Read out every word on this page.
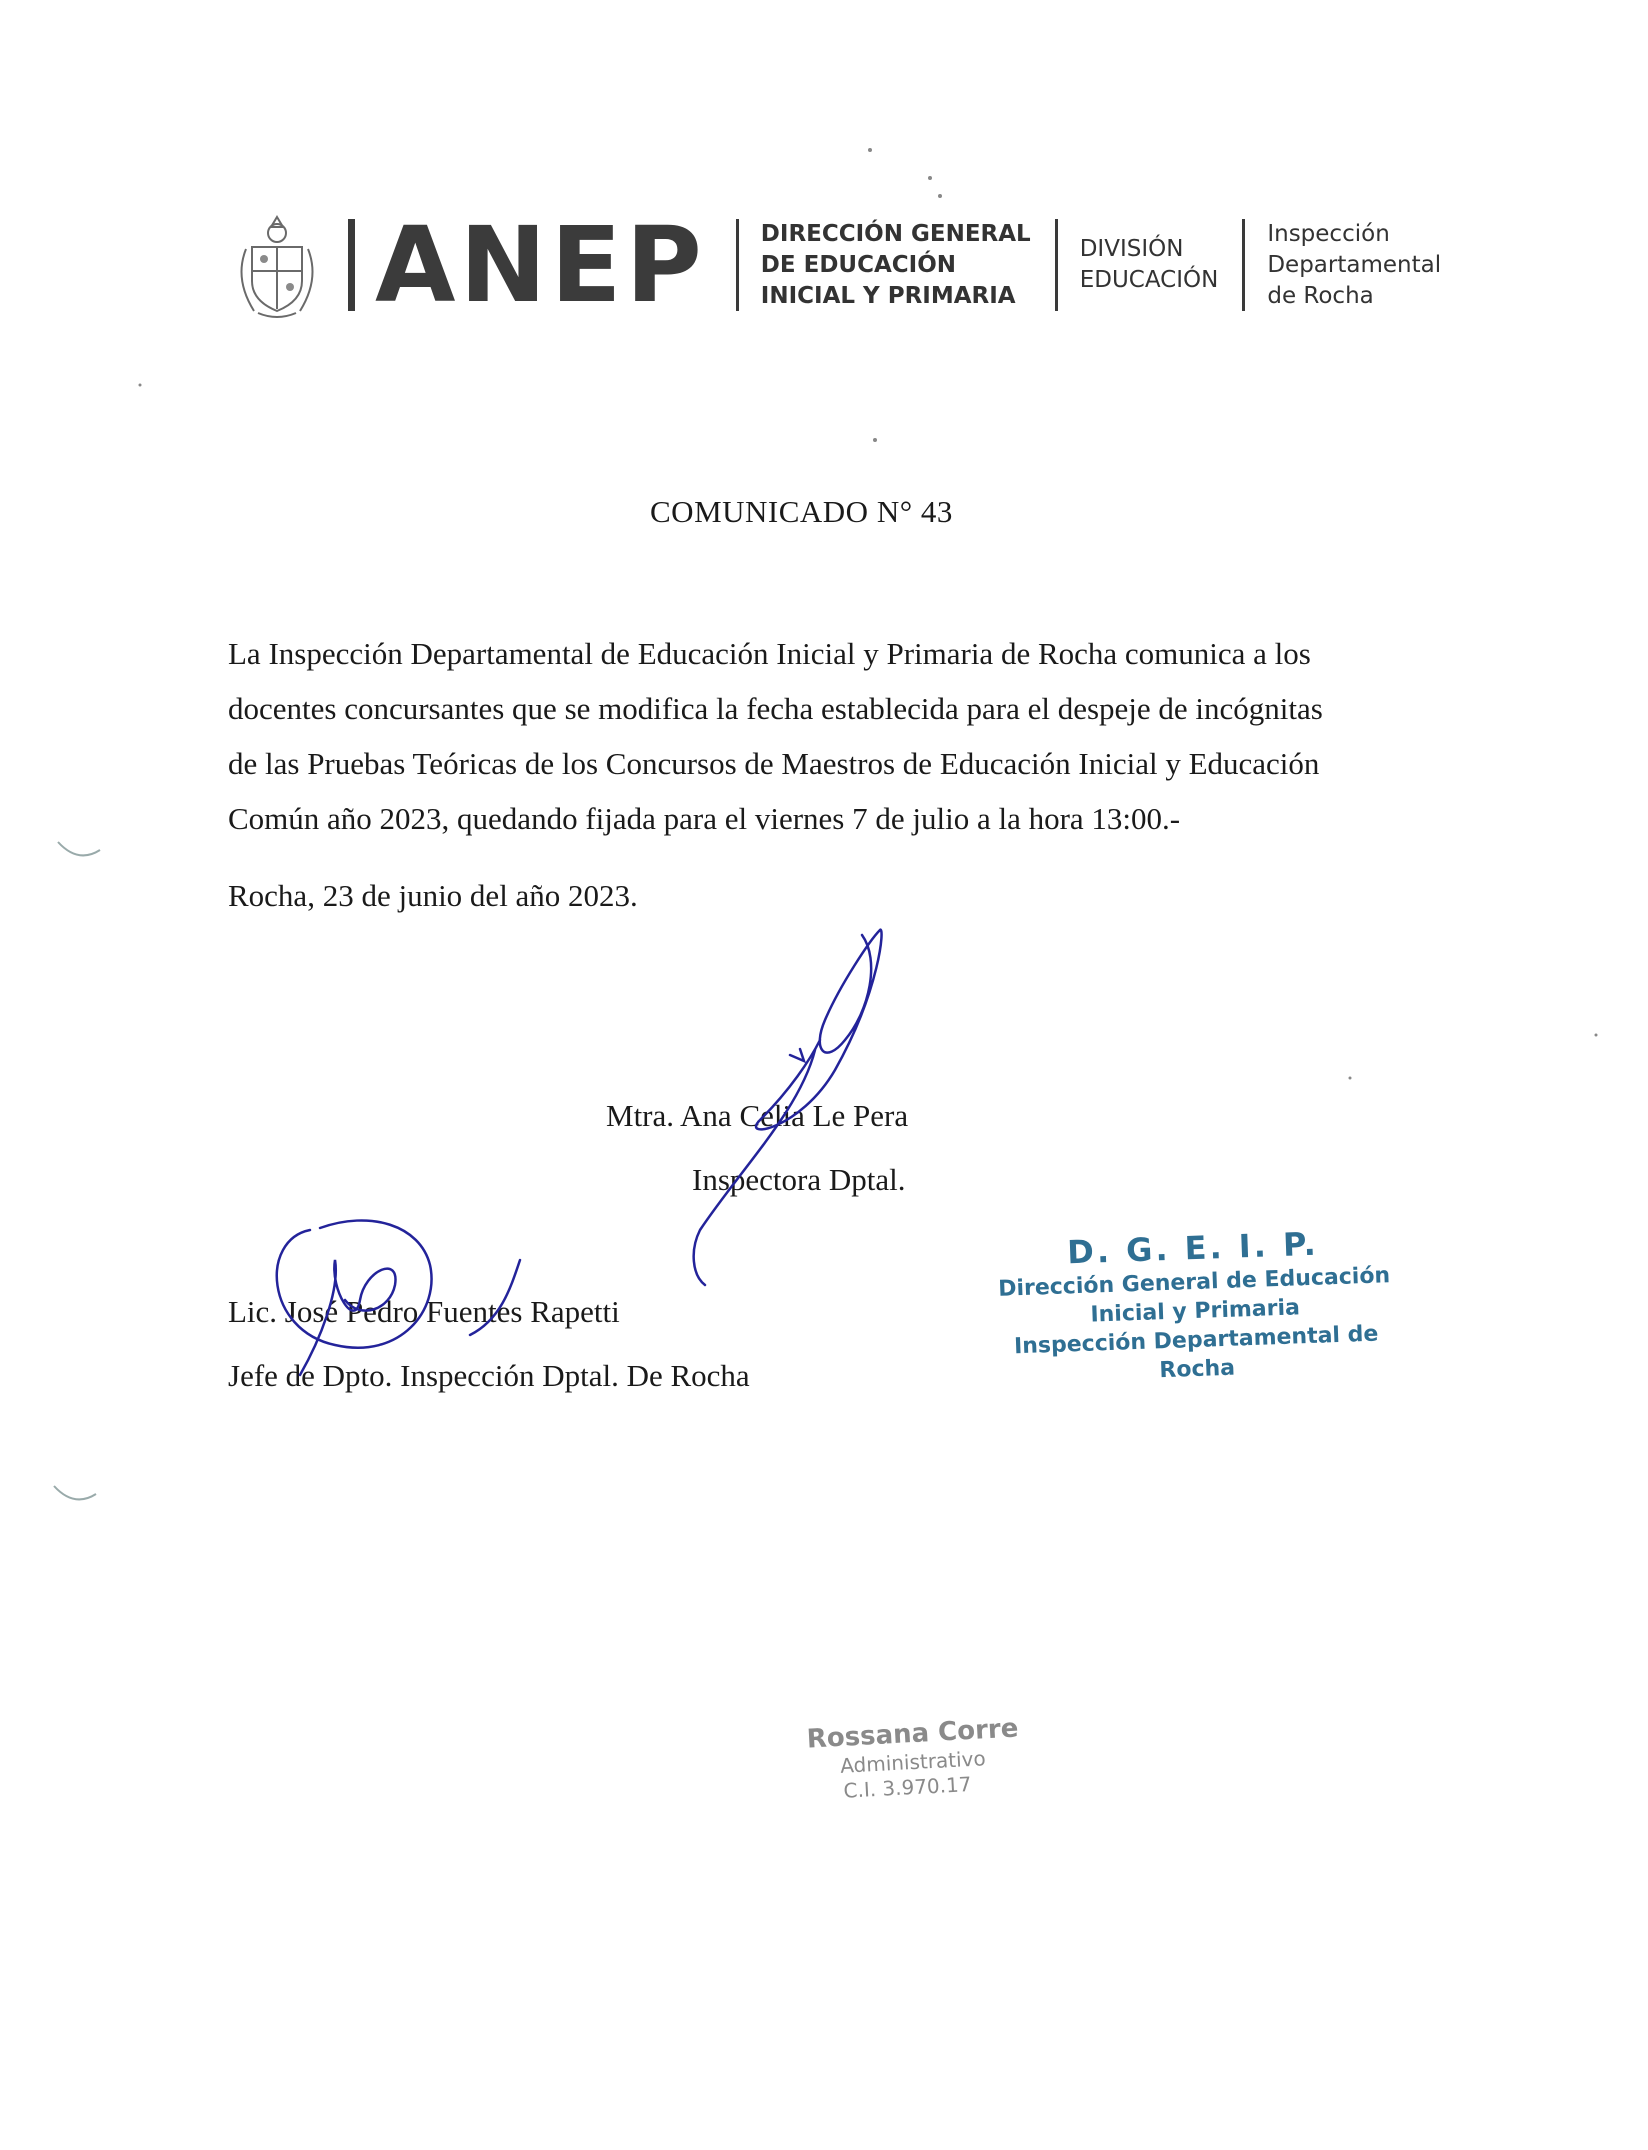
ANEP DIRECCIÓN GENERAL
DE EDUCACIÓN
INICIAL Y PRIMARIA
DIVISIÓN
EDUCACIÓN
Inspección
Departamental
de Rocha
COMUNICADO N° 43
La Inspección Departamental de Educación Inicial y Primaria de Rocha comunica a los
docentes concursantes que se modifica la fecha establecida para el despeje de incógnitas
de las Pruebas Teóricas de los Concursos de Maestros de Educación Inicial y Educación
Común año 2023, quedando fijada para el viernes 7 de julio a la hora 13:00.-
Rocha, 23 de junio del año 2023.
Mtra. Ana Celia Le Pera
Inspectora Dptal.
Lic. José Pedro Fuentes Rapetti
Jefe de Dpto. Inspección Dptal. De Rocha
D. G. E. I. P.
Dirección General de Educación
Inicial y Primaria
Inspección Departamental de Rocha
Rossana Corre
Administrativo
C.I. 3.970.17
